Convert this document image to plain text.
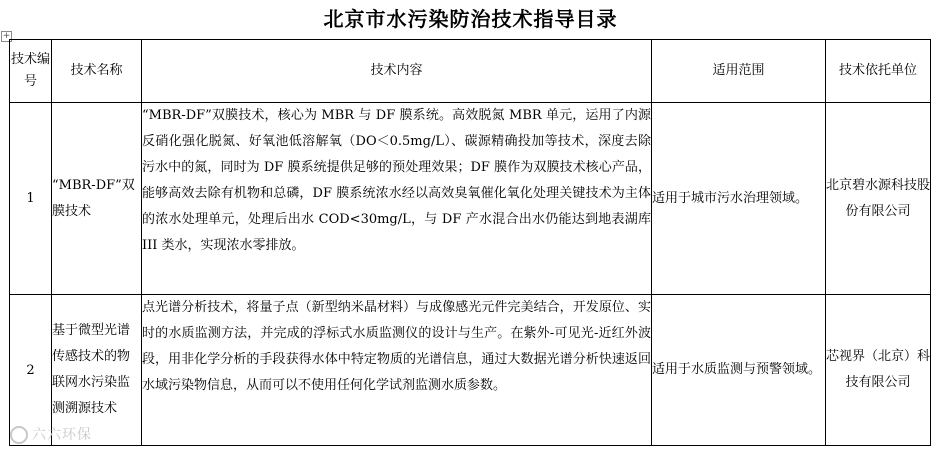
北京市水污染防治技术指导目录
+
技术编号	技术名称	技术内容	适用范围	技术依托单位
1	“MBR-DF”双膜技术	“MBR-DF”双膜技术，核心为 MBR 与 DF 膜系统。高效脱氮 MBR 单元，运用了内源反硝化强化脱氮、好氧池低溶解氧（DO＜0.5mg/L）、碳源精确投加等技术，深度去除污水中的氮，同时为 DF 膜系统提供足够的预处理效果；DF 膜作为双膜技术核心产品，能够高效去除有机物和总磷，DF 膜系统浓水经以高效臭氧催化氧化处理关键技术为主体的浓水处理单元，处理后出水 COD<30mg/L，与 DF 产水混合出水仍能达到地表湖库 III 类水，实现浓水零排放。	适用于城市污水治理领域。	北京碧水源科技股份有限公司
2	基于微型光谱传感技术的物联网水污染监测溯源技术	点光谱分析技术，将量子点（新型纳米晶材料）与成像感光元件完美结合，开发原位、实时的水质监测方法，并完成的浮标式水质监测仪的设计与生产。在紫外-可见光-近红外波段，用非化学分析的手段获得水体中特定物质的光谱信息，通过大数据光谱分析快速返回水域污染物信息，从而可以不使用任何化学试剂监测水质参数。	适用于水质监测与预警领域。	芯视界（北京）科技有限公司
六六环保
